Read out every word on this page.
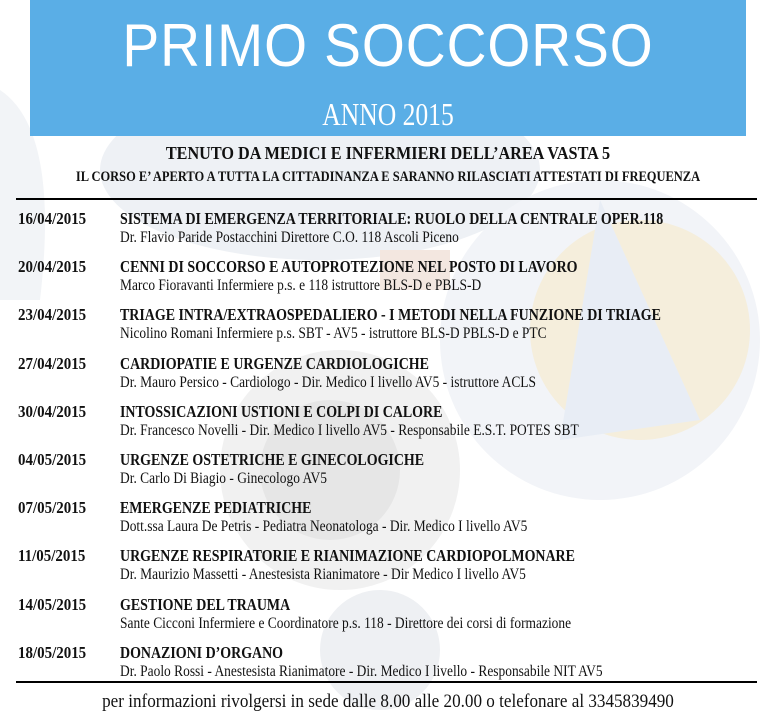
PRIMO SOCCORSO
ANNO 2015
TENUTO DA MEDICI E INFERMIERI DELL’AREA VASTA 5
IL CORSO E’ APERTO A TUTTA LA CITTADINANZA E SARANNO RILASCIATI ATTESTATI DI FREQUENZA
16/04/2015 SISTEMA DI EMERGENZA TERRITORIALE: RUOLO DELLA CENTRALE OPER.118
Dr. Flavio Paride Postacchini Direttore C.O. 118 Ascoli Piceno
20/04/2015 CENNI DI SOCCORSO E AUTOPROTEZIONE NEL POSTO DI LAVORO
Marco Fioravanti Infermiere p.s. e 118 istruttore BLS-D e PBLS-D
23/04/2015 TRIAGE INTRA/EXTRAOSPEDALIERO - I METODI NELLA FUNZIONE DI TRIAGE
Nicolino Romani Infermiere p.s. SBT - AV5 - istruttore BLS-D PBLS-D e PTC
27/04/2015 CARDIOPATIE E URGENZE CARDIOLOGICHE
Dr. Mauro Persico - Cardiologo - Dir. Medico I livello AV5 - istruttore ACLS
30/04/2015 INTOSSICAZIONI USTIONI E COLPI DI CALORE
Dr. Francesco Novelli - Dir. Medico I livello AV5 - Responsabile E.S.T. POTES SBT
04/05/2015 URGENZE OSTETRICHE E GINECOLOGICHE
Dr. Carlo Di Biagio - Ginecologo AV5
07/05/2015 EMERGENZE PEDIATRICHE
Dott.ssa Laura De Petris - Pediatra Neonatologa - Dir. Medico I livello AV5
11/05/2015 URGENZE RESPIRATORIE E RIANIMAZIONE CARDIOPOLMONARE
Dr. Maurizio Massetti - Anestesista Rianimatore - Dir Medico I livello AV5
14/05/2015 GESTIONE DEL TRAUMA
Sante Cicconi Infermiere e Coordinatore p.s. 118 - Direttore dei corsi di formazione
18/05/2015 DONAZIONI D’ORGANO
Dr. Paolo Rossi - Anestesista Rianimatore - Dir. Medico I livello - Responsabile NIT AV5
per informazioni rivolgersi in sede dalle 8.00 alle 20.00 o telefonare al 3345839490
